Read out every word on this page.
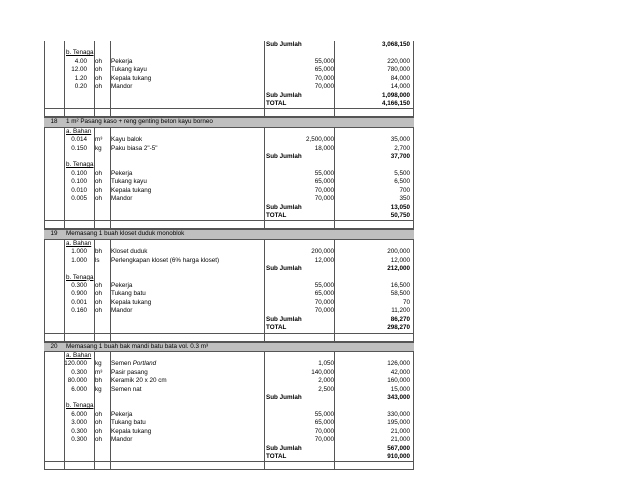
Sub Jumlah	3,068,150
b. Tenaga
4.00 oh Pekerja	55,000	220,000
12.00 oh Tukang kayu	65,000	780,000
1.20 oh Kepala tukang	70,000	84,000
0.20 oh Mandor	70,000	14,000
Sub Jumlah	1,098,000
TOTAL	4,166,150
18	1 m² Pasang kaso + reng genting beton kayu borneo
a. Bahan
0.014 m³ Kayu balok	2,500,000	35,000
0.150 kg Paku biasa 2"-5"	18,000	2,700
Sub Jumlah	37,700
b. Tenaga
0.100 oh Pekerja	55,000	5,500
0.100 oh Tukang kayu	65,000	6,500
0.010 oh Kepala tukang	70,000	700
0.005 oh Mandor	70,000	350
Sub Jumlah	13,050
TOTAL	50,750
19	Memasang 1 buah kloset duduk monoblok
a. Bahan
1.000 bh Kloset duduk	200,000	200,000
1.000 ls Perlengkapan kloset (6% harga kloset)	12,000	12,000
Sub Jumlah	212,000
b. Tenaga
0.300 oh Pekerja	55,000	16,500
0.900 oh Tukang batu	65,000	58,500
0.001 oh Kepala tukang	70,000	70
0.160 oh Mandor	70,000	11,200
Sub Jumlah	86,270
TOTAL	298,270
20	Memasang 1 buah bak mandi batu bata vol. 0.3 m³
a. Bahan
120.000 kg Semen Portland	1,050	126,000
0.300 m³ Pasir pasang	140,000	42,000
80.000 bh Keramik 20 x 20 cm	2,000	160,000
6.000 kg Semen nat	2,500	15,000
Sub Jumlah	343,000
b. Tenaga
6.000 oh Pekerja	55,000	330,000
3.000 oh Tukang batu	65,000	195,000
0.300 oh Kepala tukang	70,000	21,000
0.300 oh Mandor	70,000	21,000
Sub Jumlah	567,000
TOTAL	910,000
